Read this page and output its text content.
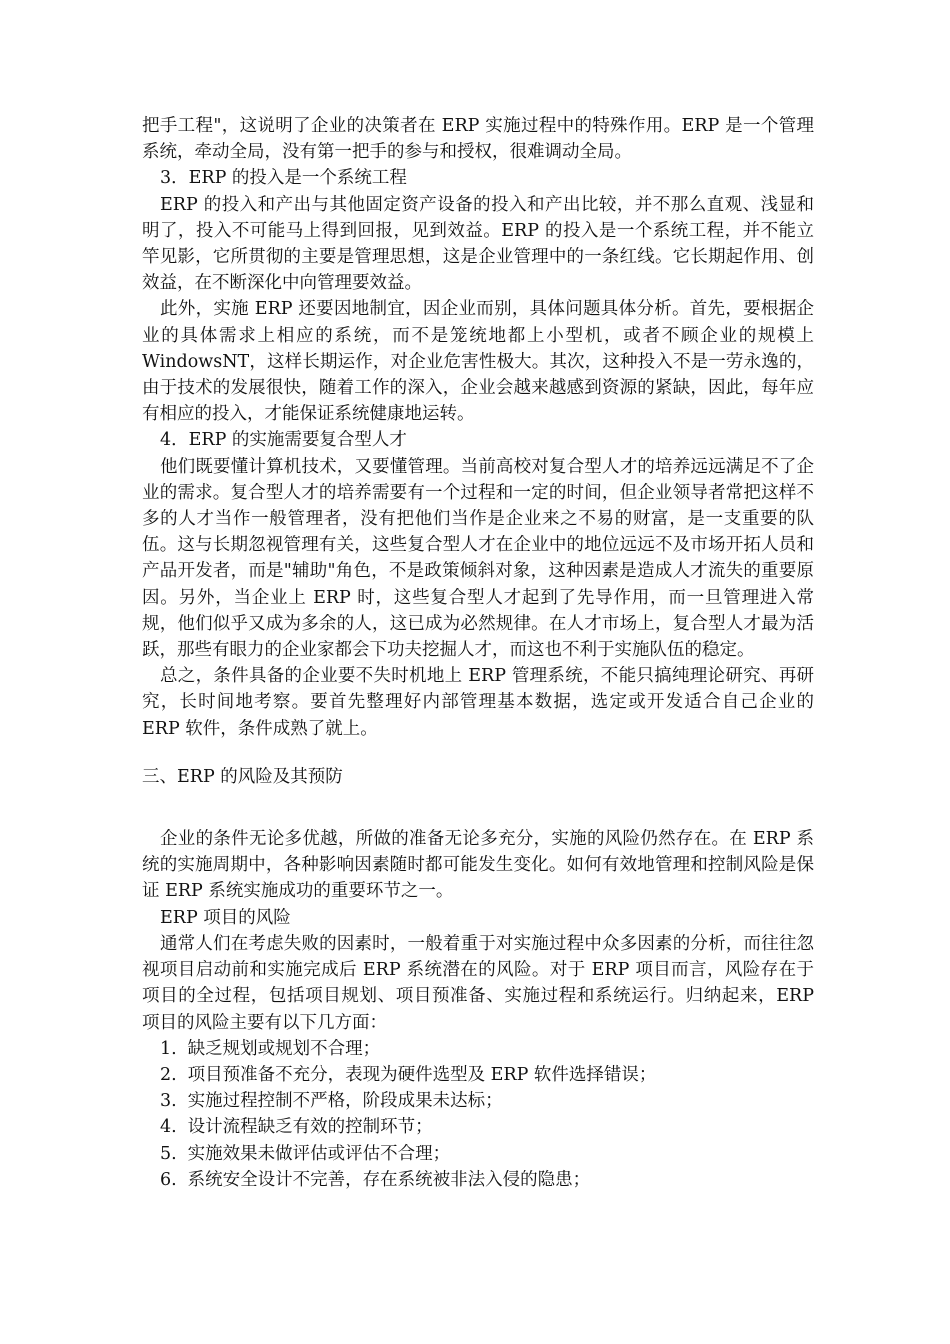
把手工程"，这说明了企业的决策者在 ERP 实施过程中的特殊作用。ERP 是一个管理系统，牵动全局，没有第一把手的参与和授权，很难调动全局。

3．ERP 的投入是一个系统工程

ERP 的投入和产出与其他固定资产设备的投入和产出比较，并不那么直观、浅显和明了，投入不可能马上得到回报，见到效益。ERP 的投入是一个系统工程，并不能立竿见影，它所贯彻的主要是管理思想，这是企业管理中的一条红线。它长期起作用、创效益，在不断深化中向管理要效益。

此外，实施 ERP 还要因地制宜，因企业而别，具体问题具体分析。首先，要根据企业的具体需求上相应的系统，而不是笼统地都上小型机，或者不顾企业的规模上 WindowsNT，这样长期运作，对企业危害性极大。其次，这种投入不是一劳永逸的，由于技术的发展很快，随着工作的深入，企业会越来越感到资源的紧缺，因此，每年应有相应的投入，才能保证系统健康地运转。

4．ERP 的实施需要复合型人才

他们既要懂计算机技术，又要懂管理。当前高校对复合型人才的培养远远满足不了企业的需求。复合型人才的培养需要有一个过程和一定的时间，但企业领导者常把这样不多的人才当作一般管理者，没有把他们当作是企业来之不易的财富，是一支重要的队伍。这与长期忽视管理有关，这些复合型人才在企业中的地位远远不及市场开拓人员和产品开发者，而是"辅助"角色，不是政策倾斜对象，这种因素是造成人才流失的重要原因。另外，当企业上 ERP 时，这些复合型人才起到了先导作用，而一旦管理进入常规，他们似乎又成为多余的人，这已成为必然规律。在人才市场上，复合型人才最为活跃，那些有眼力的企业家都会下功夫挖掘人才，而这也不利于实施队伍的稳定。

总之，条件具备的企业要不失时机地上 ERP 管理系统，不能只搞纯理论研究、再研究，长时间地考察。要首先整理好内部管理基本数据，选定或开发适合自己企业的 ERP 软件，条件成熟了就上。

三、ERP 的风险及其预防

企业的条件无论多优越，所做的准备无论多充分，实施的风险仍然存在。在 ERP 系统的实施周期中，各种影响因素随时都可能发生变化。如何有效地管理和控制风险是保证 ERP 系统实施成功的重要环节之一。

ERP 项目的风险

通常人们在考虑失败的因素时，一般着重于对实施过程中众多因素的分析，而往往忽视项目启动前和实施完成后 ERP 系统潜在的风险。对于 ERP 项目而言，风险存在于项目的全过程，包括项目规划、项目预准备、实施过程和系统运行。归纳起来，ERP 项目的风险主要有以下几方面：

1. 缺乏规划或规划不合理；
2. 项目预准备不充分，表现为硬件选型及 ERP 软件选择错误；
3. 实施过程控制不严格，阶段成果未达标；
4. 设计流程缺乏有效的控制环节；
5. 实施效果未做评估或评估不合理；
6. 系统安全设计不完善，存在系统被非法入侵的隐患；
